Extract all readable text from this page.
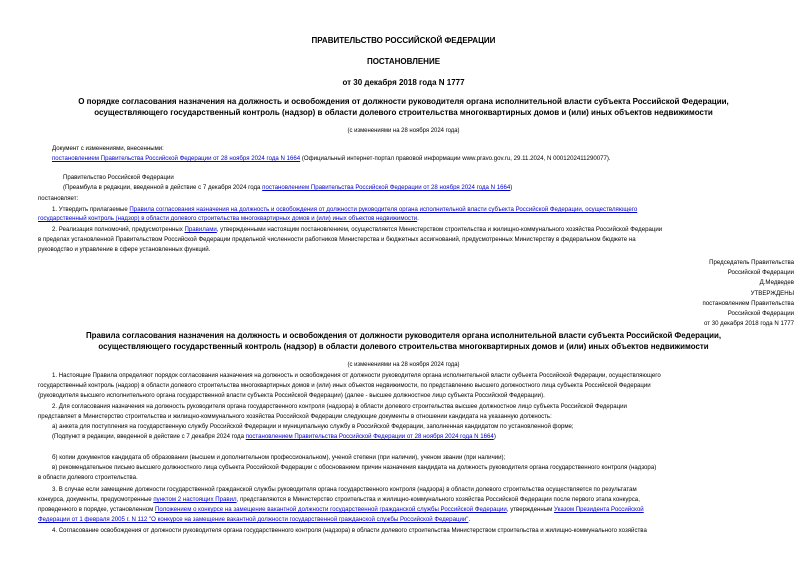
ПРАВИТЕЛЬСТВО РОССИЙСКОЙ ФЕДЕРАЦИИ
ПОСТАНОВЛЕНИЕ
от 30 декабря 2018 года N 1777
О порядке согласования назначения на должность и освобождения от должности руководителя органа исполнительной власти субъекта Российской Федерации,
осуществляющего государственный контроль (надзор) в области долевого строительства многоквартирных домов и (или) иных объектов недвижимости
(с изменениями на 28 ноября 2024 года)
Документ с изменениями, внесенными:
постановлением Правительства Российской Федерации от 28 ноября 2024 года N 1664 (Официальный интернет-портал правовой информации www.pravo.gov.ru, 29.11.2024, N 0001202411290077).
Правительство Российской Федерации
(Преамбула в редакции, введенной в действие с 7 декабря 2024 года постановлением Правительства Российской Федерации от 28 ноября 2024 года N 1664)
постановляет:
1. Утвердить прилагаемые Правила согласования назначения на должность и освобождения от должности руководителя органа исполнительной власти субъекта Российской Федерации, осуществляющего
государственный контроль (надзор) в области долевого строительства многоквартирных домов и (или) иных объектов недвижимости.
2. Реализация полномочий, предусмотренных Правилами, утвержденными настоящим постановлением, осуществляется Министерством строительства и жилищно-коммунального хозяйства Российской Федерации
в пределах установленной Правительством Российской Федерации предельной численности работников Министерства и бюджетных ассигнований, предусмотренных Министерству в федеральном бюджете на
руководство и управление в сфере установленных функций.
Председатель Правительства
Российской Федерации
Д.Медведев
УТВЕРЖДЕНЫ
постановлением Правительства
Российской Федерации
от 30 декабря 2018 года N 1777
Правила согласования назначения на должность и освобождения от должности руководителя органа исполнительной власти субъекта Российской Федерации,
осуществляющего государственный контроль (надзор) в области долевого строительства многоквартирных домов и (или) иных объектов недвижимости
(с изменениями на 28 ноября 2024 года)
1. Настоящие Правила определяют порядок согласования назначения на должность и освобождения от должности руководителя органа исполнительной власти субъекта Российской Федерации, осуществляющего
государственный контроль (надзор) в области долевого строительства многоквартирных домов и (или) иных объектов недвижимости, по представлению высшего должностного лица субъекта Российской Федерации
(руководителя высшего исполнительного органа государственной власти субъекта Российской Федерации) (далее - высшее должностное лицо субъекта Российской Федерации).
2. Для согласования назначения на должность руководителя органа государственного контроля (надзора) в области долевого строительства высшее должностное лицо субъекта Российской Федерации
представляет в Министерство строительства и жилищно-коммунального хозяйства Российской Федерации следующие документы в отношении кандидата на указанную должность:
а) анкета для поступления на государственную службу Российской Федерации и муниципальную службу в Российской Федерации, заполненная кандидатом по установленной форме;
(Подпункт в редакции, введенной в действие с 7 декабря 2024 года постановлением Правительства Российской Федерации от 28 ноября 2024 года N 1664)
б) копии документов кандидата об образовании (высшем и дополнительном профессиональном), ученой степени (при наличии), ученом звании (при наличии);
в) рекомендательное письмо высшего должностного лица субъекта Российской Федерации с обоснованием причин назначения кандидата на должность руководителя органа государственного контроля (надзора)
в области долевого строительства.
3. В случае если замещение должности государственной гражданской службы руководителя органа государственного контроля (надзора) в области долевого строительства осуществляется по результатам
конкурса, документы, предусмотренные пунктом 2 настоящих Правил, представляются в Министерство строительства и жилищно-коммунального хозяйства Российской Федерации после первого этапа конкурса,
проведенного в порядке, установленном Положением о конкурсе на замещение вакантной должности государственной гражданской службы Российской Федерации, утвержденным Указом Президента Российской
Федерации от 1 февраля 2005 г. N 112 "О конкурсе на замещение вакантной должности государственной гражданской службы Российской Федерации".
4. Согласование освобождения от должности руководителя органа государственного контроля (надзора) в области долевого строительства Министерством строительства и жилищно-коммунального хозяйства
